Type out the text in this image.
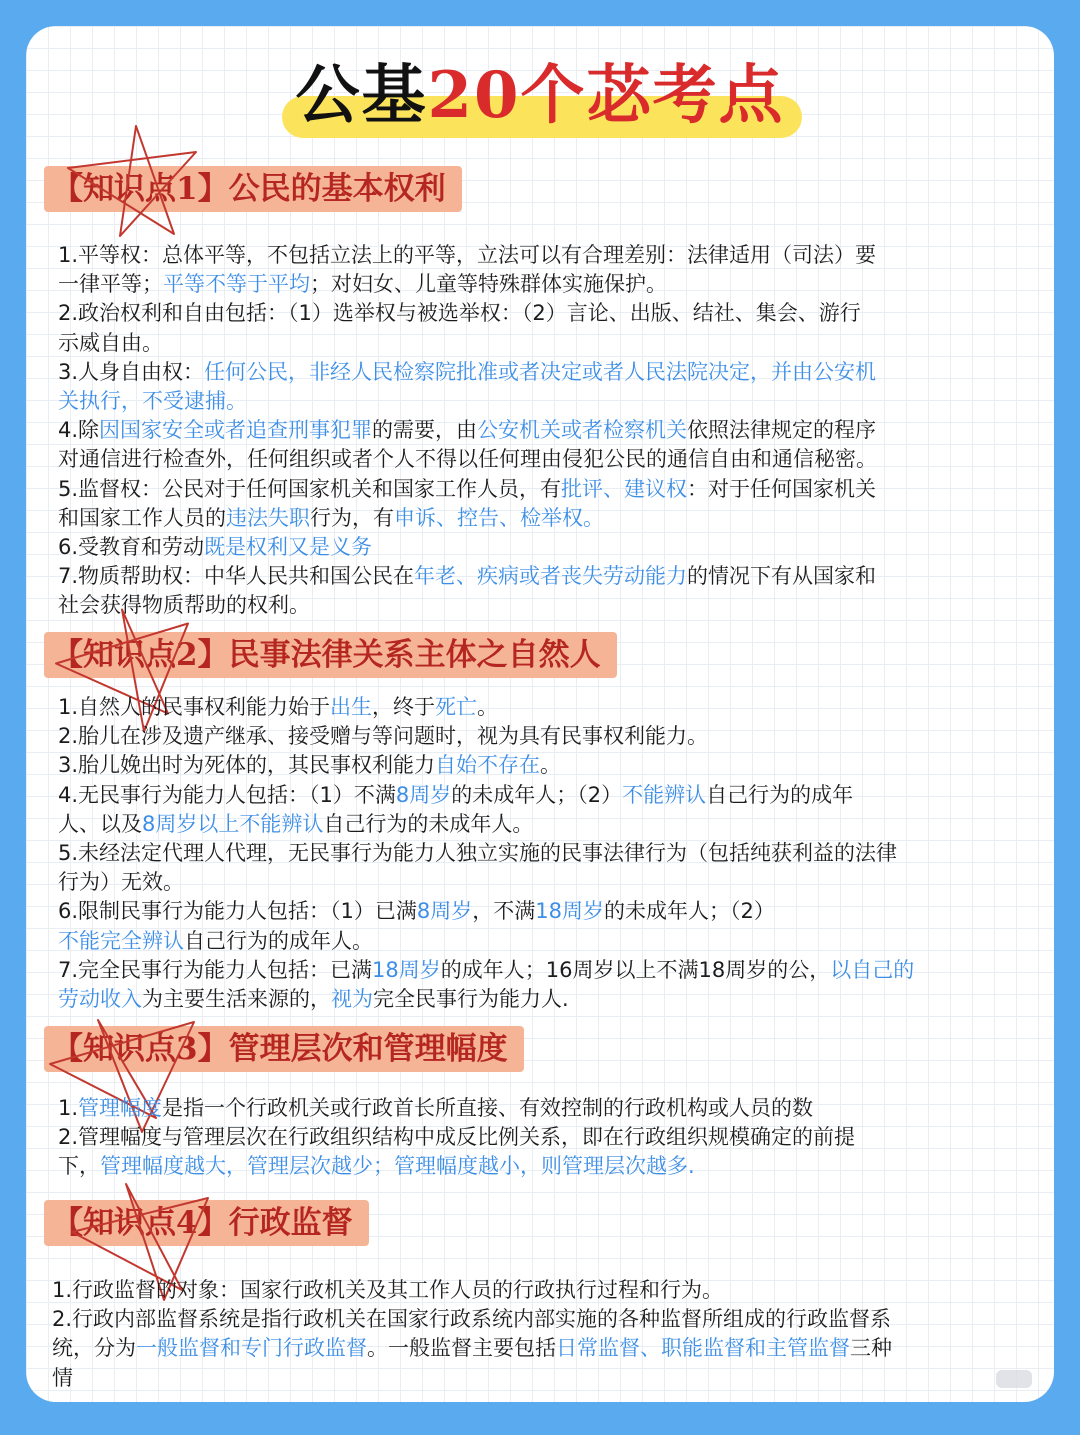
公基20个苾考点
【知识点1】公民的基本权利
1.平等权：总体平等，不包括立法上的平等，立法可以有合理差别：法律适用（司法）要
一律平等；平等不等于平均；对妇女、儿童等特殊群体实施保护。
2.政治权利和自由包括：（1）选举权与被选举权：（2）言论、出版、结社、集会、游行
示威自由。
3.人身自由权：任何公民，非经人民检察院批准或者决定或者人民法院决定，并由公安机
关执行，不受逮捕。
4.除因国家安全或者追查刑事犯罪的需要，由公安机关或者检察机关依照法律规定的程序
对通信进行检查外，任何组织或者个人不得以任何理由侵犯公民的通信自由和通信秘密。
5.监督权：公民对于任何国家机关和国家工作人员，有批评、建议权：对于任何国家机关
和国家工作人员的违法失职行为，有申诉、控告、检举权。
6.受教育和劳动既是权利又是义务
7.物质帮助权：中华人民共和国公民在年老、疾病或者丧失劳动能力的情况下有从国家和
社会获得物质帮助的权利。
【知识点2】民事法律关系主体之自然人
1.自然人的民事权利能力始于出生，终于死亡。
2.胎儿在涉及遗产继承、接受赠与等问题时，视为具有民事权利能力。
3.胎儿娩出时为死体的，其民事权利能力自始不存在。
4.无民事行为能力人包括：（1）不满8周岁的未成年人；（2）不能辨认自己行为的成年
人、以及8周岁以上不能辨认自己行为的未成年人。
5.未经法定代理人代理，无民事行为能力人独立实施的民事法律行为（包括纯获利益的法律
行为）无效。
6.限制民事行为能力人包括：（1）已满8周岁，不满18周岁的未成年人；（2）
不能完全辨认自己行为的成年人。
7.完全民事行为能力人包括：已满18周岁的成年人；16周岁以上不满18周岁的公，以自己的
劳动收入为主要生活来源的，视为完全民事行为能力人.
【知识点3】管理层次和管理幅度
1.管理幅度是指一个行政机关或行政首长所直接、有效控制的行政机构或人员的数
2.管理幅度与管理层次在行政组织结构中成反比例关系，即在行政组织规模确定的前提
下，管理幅度越大，管理层次越少；管理幅度越小，则管理层次越多.
【知识点4】行政监督
1.行政监督的对象：国家行政机关及其工作人员的行政执行过程和行为。
2.行政内部监督系统是指行政机关在国家行政系统内部实施的各种监督所组成的行政监督系
统，分为一般监督和专门行政监督。一般监督主要包括日常监督、职能监督和主管监督三种
情
